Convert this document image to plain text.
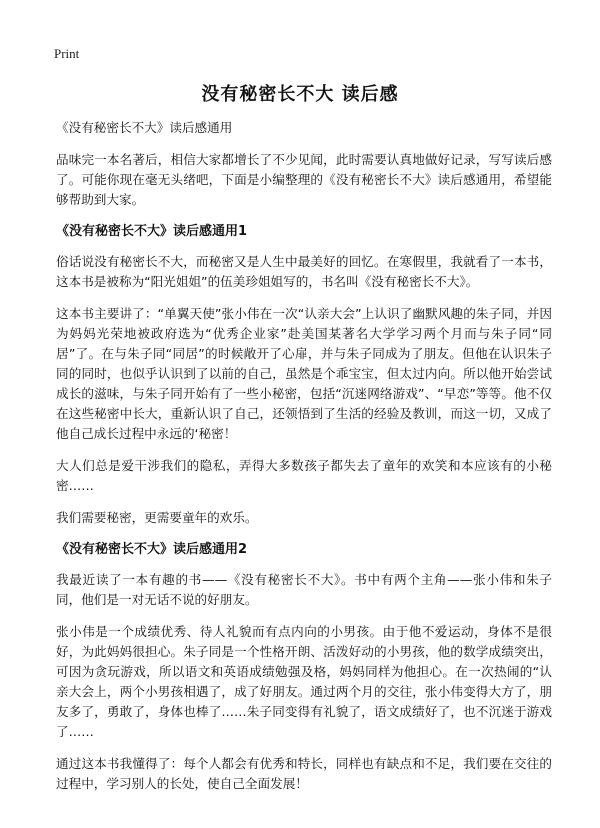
Print
没有秘密长不大 读后感

《没有秘密长不大》读后感通用

品味完一本名著后，相信大家都增长了不少见闻，此时需要认真地做好记录，写写读后感了。可能你现在毫无头绪吧，下面是小编整理的《没有秘密长不大》读后感通用，希望能够帮助到大家。

《没有秘密长不大》读后感通用1

俗话说没有秘密长不大，而秘密又是人生中最美好的回忆。在寒假里，我就看了一本书，这本书是被称为“阳光姐姐”的伍美珍姐姐写的，书名叫《没有秘密长不大》。

这本书主要讲了：“单翼天使”张小伟在一次“认亲大会”上认识了幽默风趣的朱子同，并因为妈妈光荣地被政府选为“优秀企业家”赴美国某著名大学学习两个月而与朱子同“同居”了。在与朱子同“同居”的时候敞开了心扉，并与朱子同成为了朋友。但他在认识朱子同的同时，也似乎认识到了以前的自己，虽然是个乖宝宝，但太过内向。所以他开始尝试成长的滋味，与朱子同开始有了一些小秘密，包括“沉迷网络游戏”、“早恋”等等。他不仅在这些秘密中长大，重新认识了自己，还领悟到了生活的经验及教训，而这一切，又成了他自己成长过程中永远的‘秘密！

大人们总是爱干涉我们的隐私，弄得大多数孩子都失去了童年的欢笑和本应该有的小秘密……

我们需要秘密，更需要童年的欢乐。

《没有秘密长不大》读后感通用2

我最近读了一本有趣的书——《没有秘密长不大》。书中有两个主角——张小伟和朱子同，他们是一对无话不说的好朋友。

张小伟是一个成绩优秀、待人礼貌而有点内向的小男孩。由于他不爱运动，身体不是很好，为此妈妈很担心。朱子同是一个性格开朗、活泼好动的小男孩，他的数学成绩突出，可因为贪玩游戏，所以语文和英语成绩勉强及格，妈妈同样为他担心。在一次热闹的“认亲大会上，两个小男孩相遇了，成了好朋友。通过两个月的交往，张小伟变得大方了，朋友多了，勇敢了，身体也棒了……朱子同变得有礼貌了，语文成绩好了，也不沉迷于游戏了……

通过这本书我懂得了：每个人都会有优秀和特长，同样也有缺点和不足，我们要在交往的过程中，学习别人的长处，使自己全面发展！
